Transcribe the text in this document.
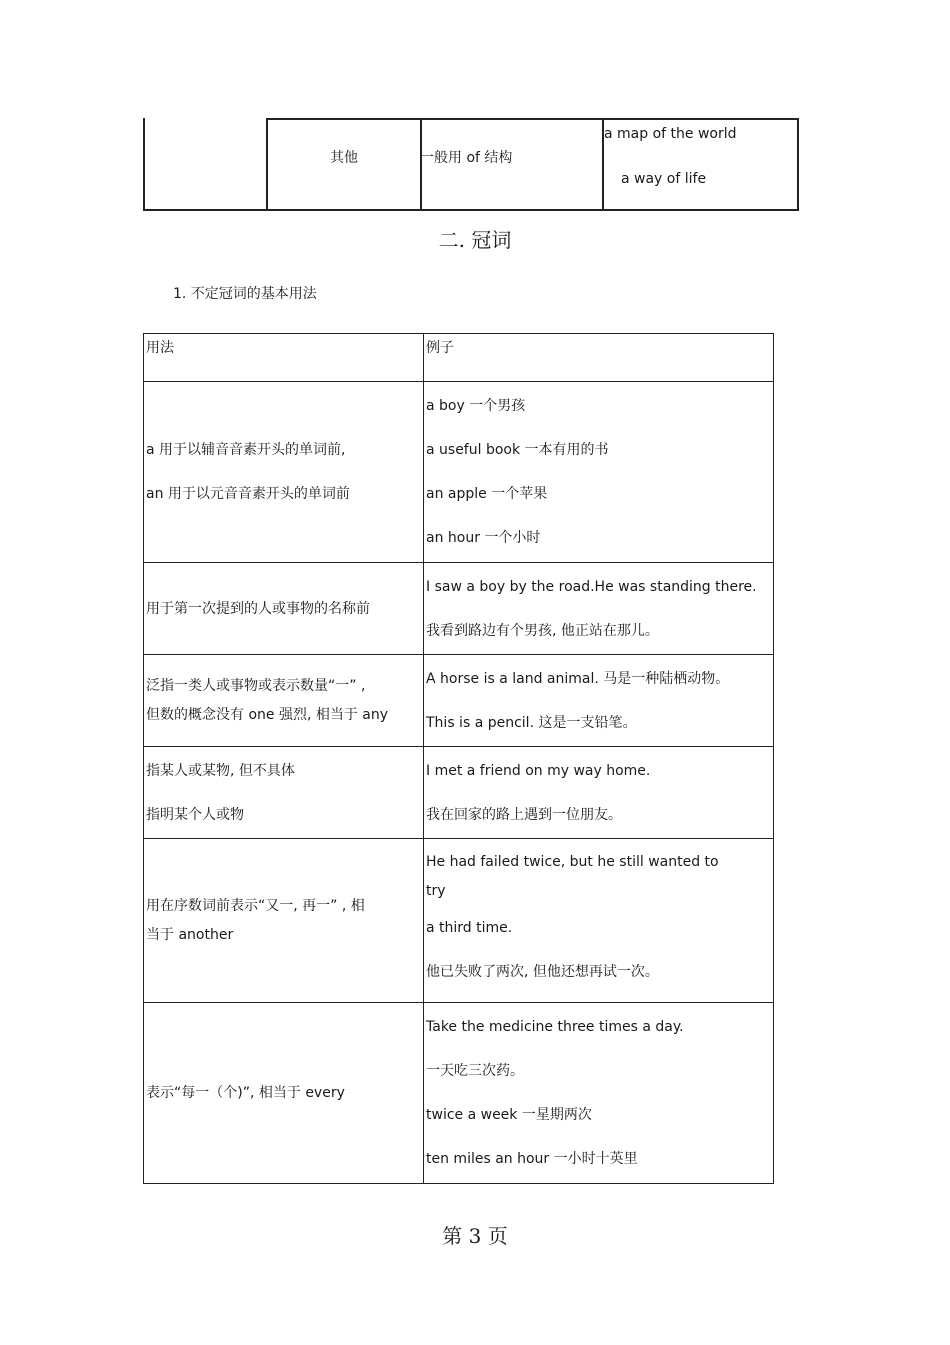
其他	一般用 of 结构
a map of the world
a way of life
二. 冠词
1. 不定冠词的基本用法
用法	例子

a 用于以辅音音素开头的单词前,
an 用于以元音音素开头的单词前	a boy 一个男孩
a useful book 一本有用的书
an apple 一个苹果
an hour 一个小时

用于第一次提到的人或事物的名称前	I saw a boy by the road.He was standing there.
我看到路边有个男孩, 他正站在那儿。

泛指一类人或事物或表示数量“一” ,
但数的概念没有 one 强烈, 相当于 any	A horse is a land animal. 马是一种陆栖动物。
This is a pencil. 这是一支铅笔。

指某人或某物, 但不具体
指明某个人或物	I met a friend on my way home.
我在回家的路上遇到一位朋友。

用在序数词前表示“又一, 再一” , 相
当于 another	He had failed twice, but he still wanted to
try
a third time.
他已失败了两次, 但他还想再试一次。

表示“每一（个)”, 相当于 every	Take the medicine three times a day.
一天吃三次药。
twice a week 一星期两次
ten miles an hour 一小时十英里
第 3 页
